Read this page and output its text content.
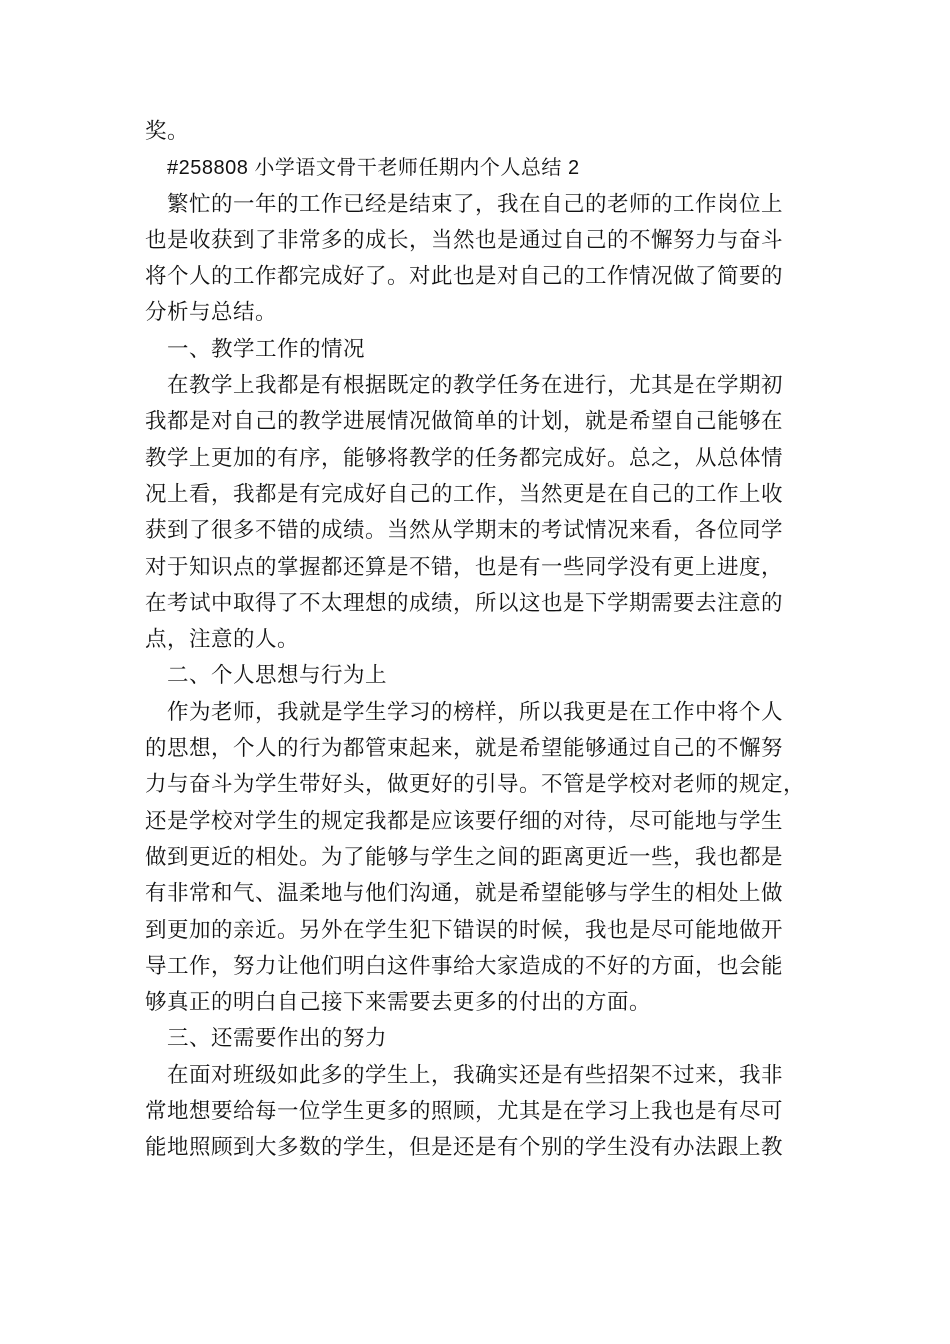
奖。
#258808 小学语文骨干老师任期内个人总结 2
繁忙的一年的工作已经是结束了，我在自己的老师的工作岗位上
也是收获到了非常多的成长，当然也是通过自己的不懈努力与奋斗
将个人的工作都完成好了。对此也是对自己的工作情况做了简要的
分析与总结。
一、教学工作的情况
在教学上我都是有根据既定的教学任务在进行，尤其是在学期初
我都是对自己的教学进展情况做简单的计划，就是希望自己能够在
教学上更加的有序，能够将教学的任务都完成好。总之，从总体情
况上看，我都是有完成好自己的工作，当然更是在自己的工作上收
获到了很多不错的成绩。当然从学期末的考试情况来看，各位同学
对于知识点的掌握都还算是不错，也是有一些同学没有更上进度，
在考试中取得了不太理想的成绩，所以这也是下学期需要去注意的
点，注意的人。
二、个人思想与行为上
作为老师，我就是学生学习的榜样，所以我更是在工作中将个人
的思想，个人的行为都管束起来，就是希望能够通过自己的不懈努
力与奋斗为学生带好头，做更好的引导。不管是学校对老师的规定，
还是学校对学生的规定我都是应该要仔细的对待，尽可能地与学生
做到更近的相处。为了能够与学生之间的距离更近一些，我也都是
有非常和气、温柔地与他们沟通，就是希望能够与学生的相处上做
到更加的亲近。另外在学生犯下错误的时候，我也是尽可能地做开
导工作，努力让他们明白这件事给大家造成的不好的方面，也会能
够真正的明白自己接下来需要去更多的付出的方面。
三、还需要作出的努力
在面对班级如此多的学生上，我确实还是有些招架不过来，我非
常地想要给每一位学生更多的照顾，尤其是在学习上我也是有尽可
能地照顾到大多数的学生，但是还是有个别的学生没有办法跟上教
